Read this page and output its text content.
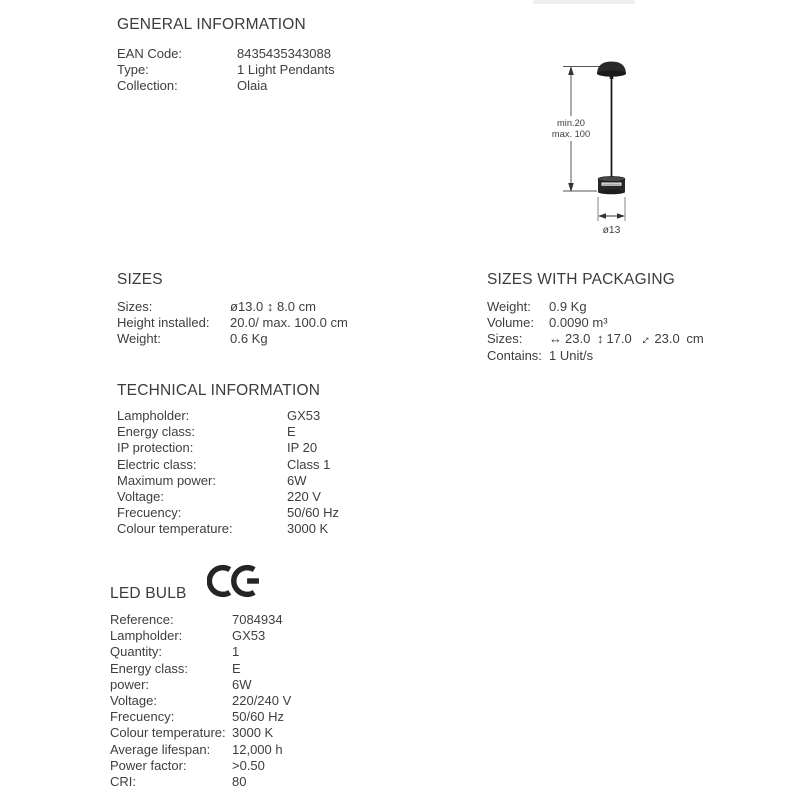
GENERAL INFORMATION
EAN Code:	8435435343088
Type:	1 Light Pendants
Collection:	Olaia
min.20
max. 100
ø13
SIZES
Sizes:	ø13.0 ↕ 8.0 cm
Height installed:	20.0/ max. 100.0 cm
Weight:	0.6 Kg
SIZES WITH PACKAGING
Weight:	0.9 Kg
Volume:	0.0090 m³
Sizes:	↔ 23.0 ↕ 17.0 ↔23.0 cm
Contains: 1 Unit/s
TECHNICAL INFORMATION
Lampholder:	GX53
Energy class:	E
IP protection:	IP 20
Electric class:	Class 1
Maximum power:	6W
Voltage:	220 V
Frecuency:	50/60 Hz
Colour temperature:	3000 K
LED BULB
Reference:	7084934
Lampholder:	GX53
Quantity:	1
Energy class:	E
power:	6W
Voltage:	220/240 V
Frecuency:	50/60 Hz
Colour temperature: 3000 K
Average lifespan:	12,000 h
Power factor:	>0.50
CRI:	80
